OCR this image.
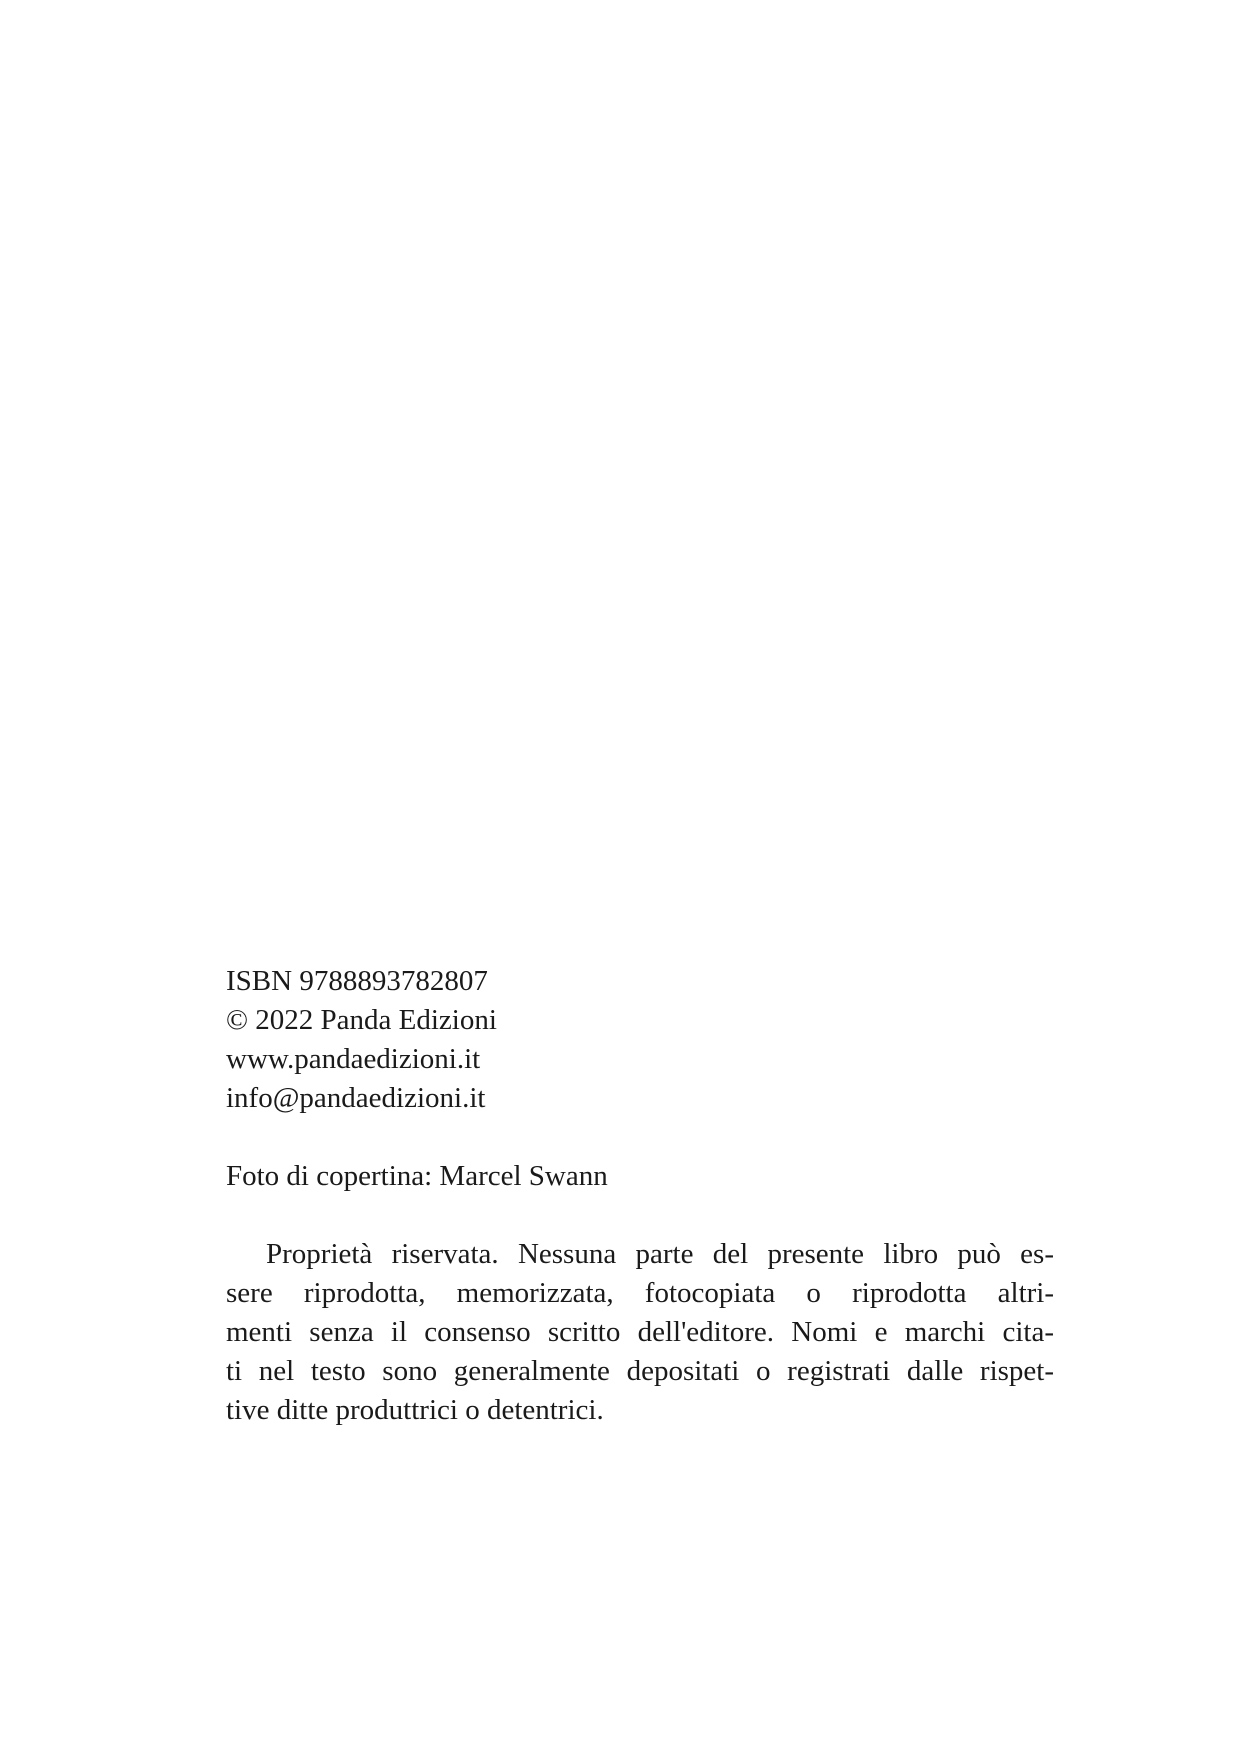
ISBN 9788893782807
© 2022 Panda Edizioni
www.pandaedizioni.it
info@pandaedizioni.it
Foto di copertina: Marcel Swann
Proprietà riservata. Nessuna parte del presente libro può es-
sere riprodotta, memorizzata, fotocopiata o riprodotta altri-
menti senza il consenso scritto dell'editore. Nomi e marchi cita-
ti nel testo sono generalmente depositati o registrati dalle rispet-
tive ditte produttrici o detentrici.
